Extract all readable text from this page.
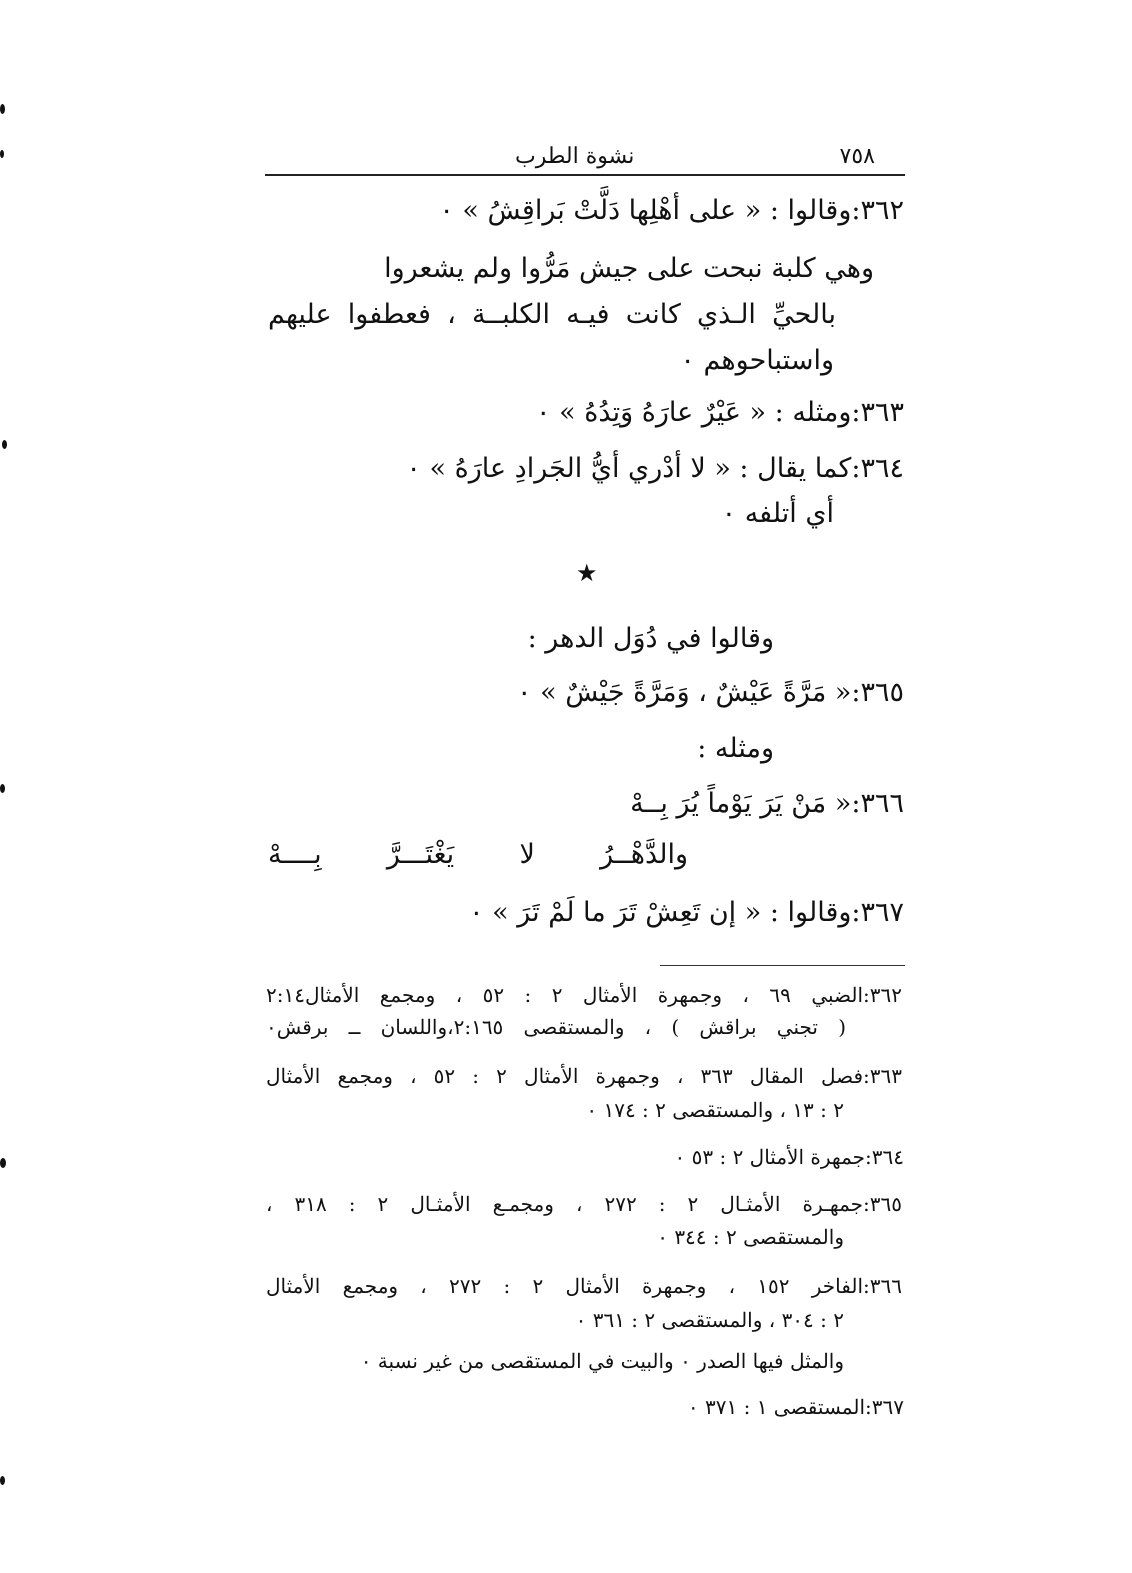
٧٥٨
نشوة الطرب
٣٦٢:وقالوا : « على أهْلِها دَلَّتْ بَراقِشُ » ٠
وهي كلبة نبحت على جيش مَرُّوا ولم يشعروا
بالحيِّ الـذي كانت فيـه الكلبــة ، فعطفوا عليهم
واستباحوهم ٠
٣٦٣:ومثله : « عَيْرٌ عارَهُ وَتِدُهُ » ٠
٣٦٤:كما يقال : « لا أدْري أيُّ الجَرادِ عارَهُ » ٠
أي أتلفه ٠
★
وقالوا في دُوَل الدهر :
٣٦٥:« مَرَّةً عَيْشٌ ، وَمَرَّةً جَيْشٌ » ٠
ومثله :
٣٦٦:« مَنْ يَرَ يَوْماً يُرَ بِــهْ
والدَّهْــرُ لا يَغْتَـــرَّ بِــــهْ
٣٦٧:وقالوا : « إن تَعِشْ تَرَ ما لَمْ تَرَ » ٠
٣٦٢:الضبي ٦٩ ، وجمهرة الأمثال ٢ : ٥٢ ، ومجمع الأمثال٢:١٤
( تجني براقش ) ، والمستقصى ٢:١٦٥،واللسان ــ برقش٠
٣٦٣:فصل المقال ٣٦٣ ، وجمهرة الأمثال ٢ : ٥٢ ، ومجمع الأمثال
٢ : ١٣ ، والمستقصى ٢ : ١٧٤ ٠
٣٦٤:جمهرة الأمثال ٢ : ٥٣ ٠
٣٦٥:جمهـرة الأمثـال ٢ : ٢٧٢ ، ومجمـع الأمثـال ٢ : ٣١٨ ،
والمستقصى ٢ : ٣٤٤ ٠
٣٦٦:الفاخر ١٥٢ ، وجمهرة الأمثال ٢ : ٢٧٢ ، ومجمع الأمثال
٢ : ٣٠٤ ، والمستقصى ٢ : ٣٦١ ٠
والمثل فيها الصدر ٠ والبيت في المستقصى من غير نسبة ٠
٣٦٧:المستقصى ١ : ٣٧١ ٠
